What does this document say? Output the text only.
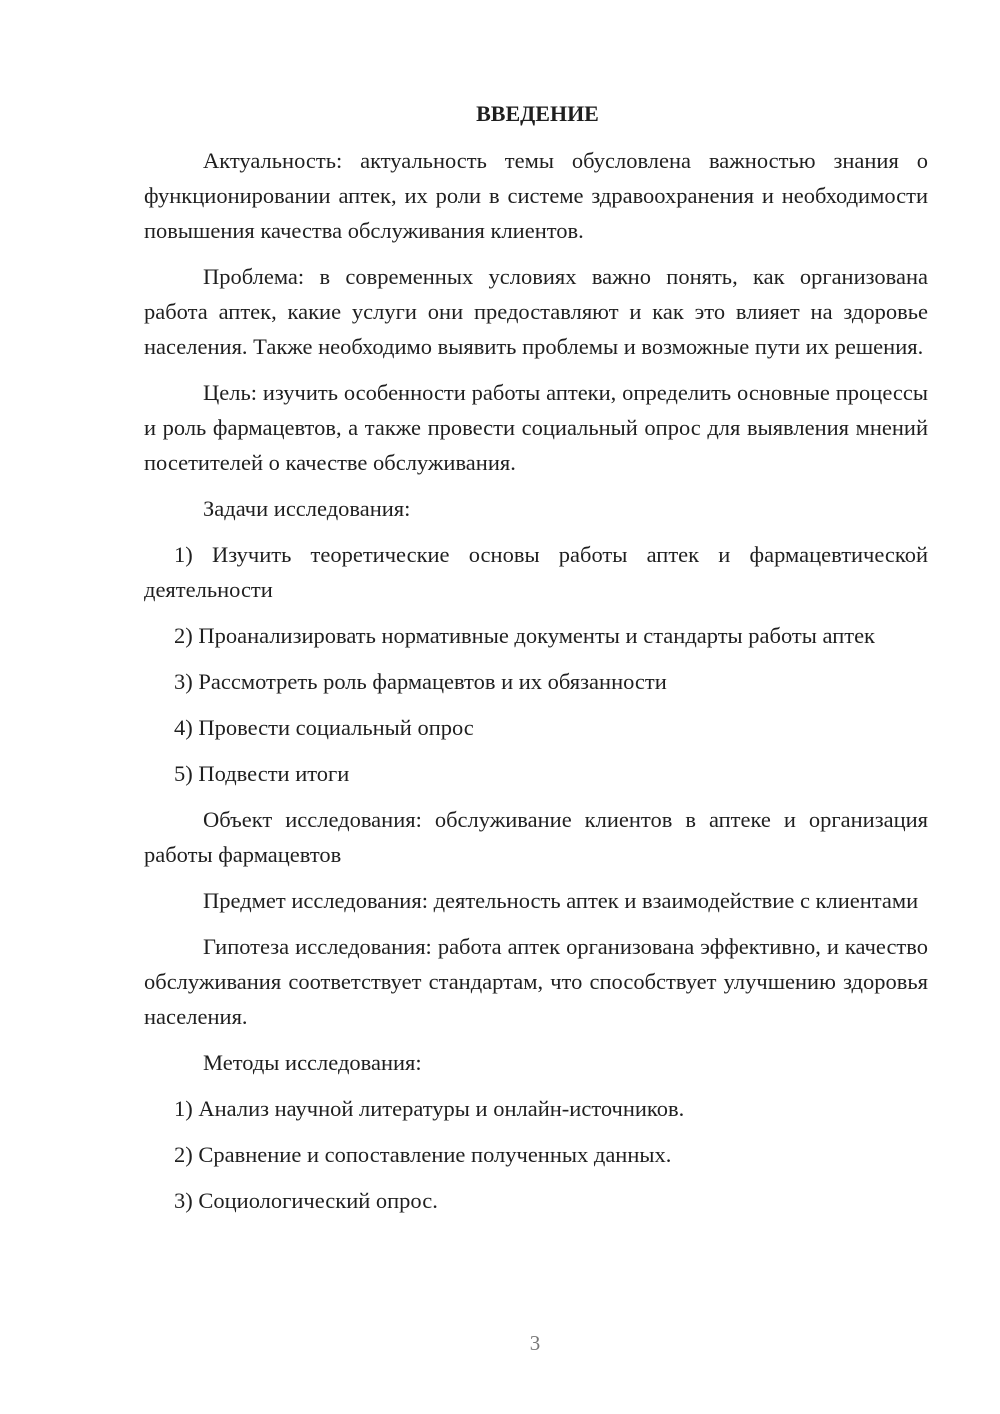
ВВЕДЕНИЕ

Актуальность: актуальность темы обусловлена важностью знания о функционировании аптек, их роли в системе здравоохранения и необходимости повышения качества обслуживания клиентов.

Проблема: в современных условиях важно понять, как организована работа аптек, какие услуги они предоставляют и как это влияет на здоровье населения. Также необходимо выявить проблемы и возможные пути их решения.

Цель: изучить особенности работы аптеки, определить основные процессы и роль фармацевтов, а также провести социальный опрос для выявления мнений посетителей о качестве обслуживания.

Задачи исследования:

1) Изучить теоретические основы работы аптек и фармацевтической деятельности

2) Проанализировать нормативные документы и стандарты работы аптек

3) Рассмотреть роль фармацевтов и их обязанности

4) Провести социальный опрос

5) Подвести итоги

Объект исследования: обслуживание клиентов в аптеке и организация работы фармацевтов

Предмет исследования: деятельность аптек и взаимодействие с клиентами

Гипотеза исследования: работа аптек организована эффективно, и качество обслуживания соответствует стандартам, что способствует улучшению здоровья населения.

Методы исследования:

1) Анализ научной литературы и онлайн-источников.

2) Сравнение и сопоставление полученных данных.

3) Социологический опрос.

3
